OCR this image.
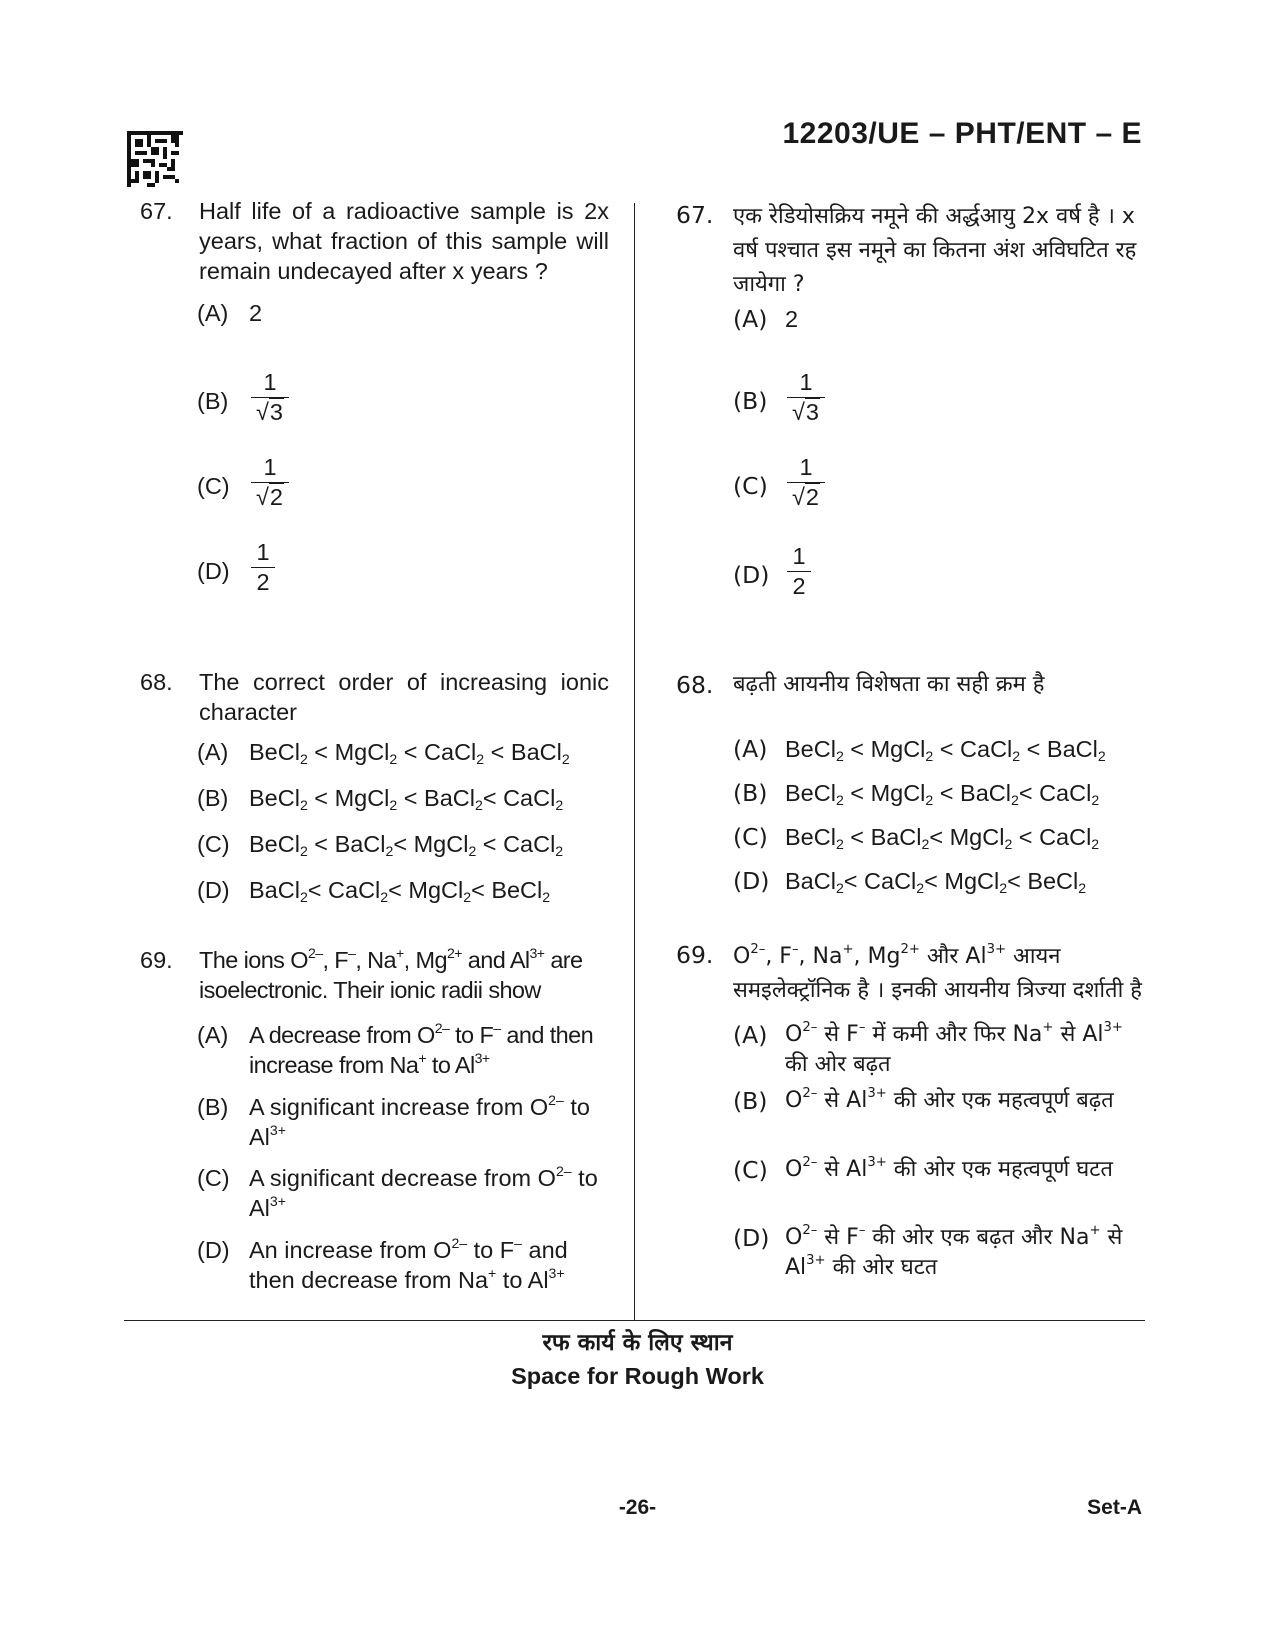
12203/UE – PHT/ENT – E
67. Half life of a radioactive sample is 2x years, what fraction of this sample will remain undecayed after x years ?
(A) 2
$(B) \frac{1}{√3}$
$(C) \frac{1}{√2}$
$(D) \frac{1}{2}$
68. The correct order of increasing ionic character
(A) BeCl$_2$ < MgCl$_2$ < CaCl$_2$ < BaCl$_2$
(B) BeCl$_2$ < MgCl$_2$ < BaCl$_2$< CaCl$_2$
(C) BeCl$_2$ < BaCl$_2$< MgCl$_2$ < CaCl$_2$
(D) BaCl$_2$< CaCl$_2$< MgCl$_2$< BeCl$_2$
69. The ions $O^{2-}$, F–, Na+, $Mg^{2+}$ and $Al^{3+}$ are isoelectronic. Their ionic radii show
(A) A decrease from $O^{2-}$ to F– and then increase from Na+ to $Al^{3+}$
(B) A significant increase from $O^{2-}$ to $Al^{3+}$
(C) A significant decrease from $O^{2-}$ to $Al^{3+}$
(D) An increase from $O^{2-}$ to F– and then decrease from Na+ to $Al^{3+}$
67. एक रेडियोसक्रिय नमूने की अर्द्धआयु 2x वर्ष है । x वर्ष पश्चात इस नमूने का कितना अंश अविघटित रह जायेगा ?
(A) 2
$(B) \frac{1}{√3}$
$(C) \frac{1}{√2}$
$(D) \frac{1}{2}$
68. बढ़ती आयनीय विशेषता का सही क्रम है
(A) BeCl$_2$ < MgCl$_2$ < CaCl$_2$ < BaCl$_2$
(B) BeCl$_2$ < MgCl$_2$ < BaCl$_2$< CaCl$_2$
(C) BeCl$_2$ < BaCl$_2$< MgCl$_2$ < CaCl$_2$
(D) BaCl$_2$< CaCl$_2$< MgCl$_2$< BeCl$_2$
69. $O^{2-}$, F–, Na+, $Mg^{2+}$ और $Al^{3+}$ आयन समइलेक्ट्रॉनिक है । इनकी आयनीय त्रिज्या दर्शाती है
(A) $O^{2-}$ से F– में कमी और फिर Na+ से $Al^{3+}$ की ओर बढ़त
(B) $O^{2-}$ से $Al^{3+}$ की ओर एक महत्वपूर्ण बढ़त
(C) $O^{2-}$ से $Al^{3+}$ की ओर एक महत्वपूर्ण घटत
(D) $O^{2-}$ से F– की ओर एक बढ़त और Na+ से $Al^{3+}$ की ओर घटत
रफ कार्य के लिए स्थान
Space for Rough Work
-26-	Set-A
